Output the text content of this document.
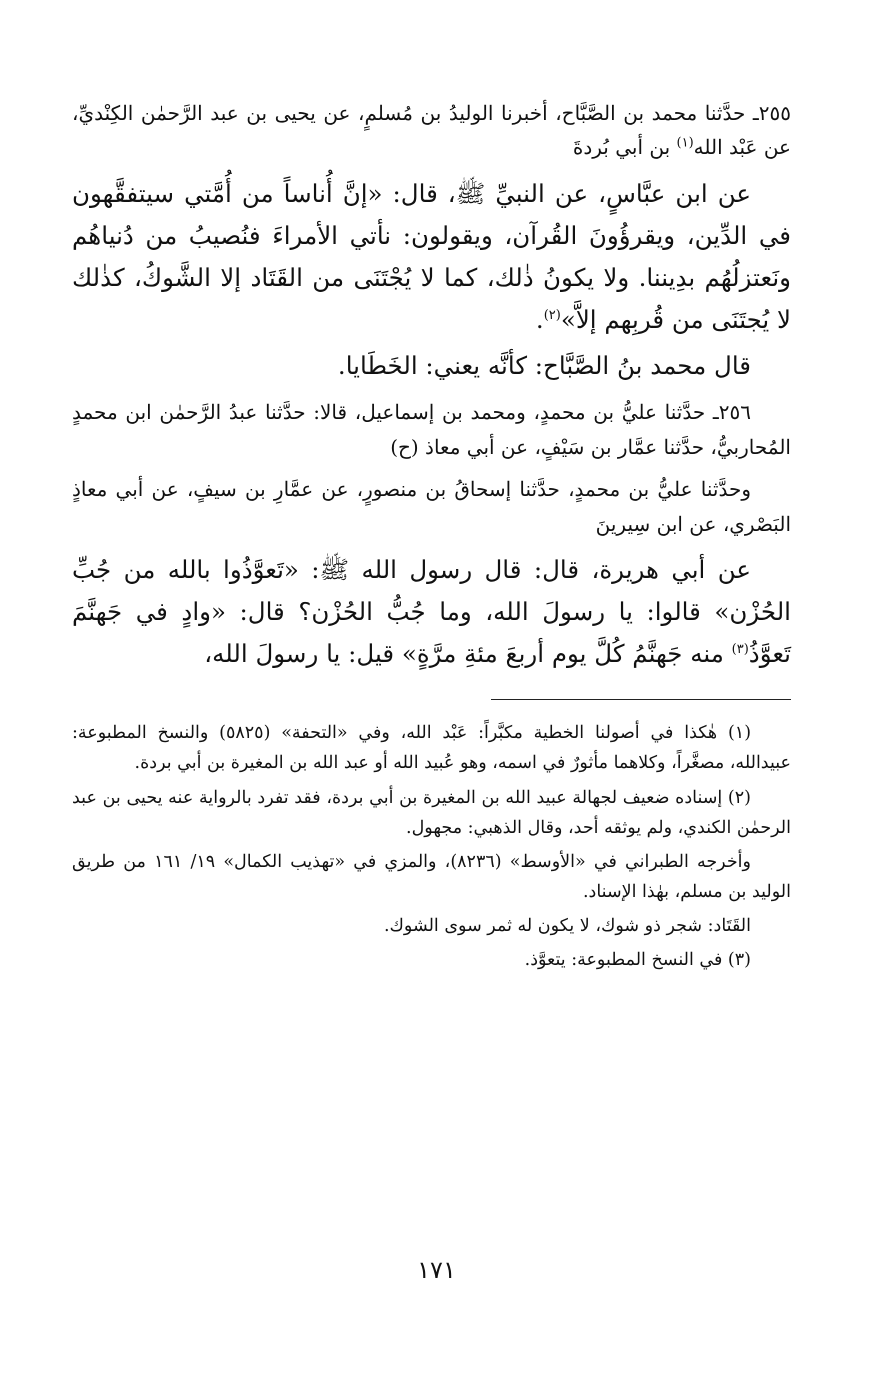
٢٥٥ـ حدَّثنا محمد بن الصَّبَّاح، أخبرنا الوليدُ بن مُسلمٍ، عن يحيى بن عبد الرَّحمٰن الكِنْديِّ، عن عَبْد الله$^{(١)}$ بن أبي بُردةَ

عن ابن عبَّاسٍ، عن النبيِّ ﷺ، قال: «إنَّ أُناساً من أُمَّتي سيتفقَّهون في الدِّين، ويقرؤُونَ القُرآن، ويقولون: نأتي الأمراءَ فنُصيبُ من دُنياهُم ونَعتزلُهُم بدِيننا. ولا يكونُ ذٰلك، كما لا يُجْتَنَى من القَتَاد إلا الشَّوكُ، كذٰلك لا يُجتَنَى من قُربِهم إلاَّ»$^{(٢)}$.

قال محمد بنُ الصَّبَّاح: كأنَّه يعني: الخَطَايا.

٢٥٦ـ حدَّثنا عليُّ بن محمدٍ، ومحمد بن إسماعيل، قالا: حدَّثنا عبدُ الرَّحمٰن ابن محمدٍ المُحاربيُّ، حدَّثنا عمَّار بن سَيْفٍ، عن أبي معاذ (ح)

وحدَّثنا عليُّ بن محمدٍ، حدَّثنا إسحاقُ بن منصورٍ، عن عمَّارِ بن سيفٍ، عن أبي معاذٍ البَصْري، عن ابن سِيرينَ

عن أبي هريرة، قال: قال رسول الله ﷺ: «تَعوَّذُوا بالله من جُبِّ الحُزْن» قالوا: يا رسولَ الله، وما جُبُّ الحُزْن؟ قال: «وادٍ في جَهنَّمَ تَعوَّذُ$^{(٣)}$ منه جَهنَّمُ كُلَّ يوم أربعَ مئةِ مرَّةٍ» قيل: يا رسولَ الله،

(١) هٰكذا في أصولنا الخطية مكبَّراً: عَبْد الله، وفي «التحفة» (٥٨٢٥) والنسخ المطبوعة: عبيدالله، مصغَّراً، وكلاهما مأثورٌ في اسمه، وهو عُبيد الله أو عبد الله بن المغيرة بن أبي بردة.

(٢) إسناده ضعيف لجهالة عبيد الله بن المغيرة بن أبي بردة، فقد تفرد بالرواية عنه يحيى بن عبد الرحمٰن الكندي، ولم يوثقه أحد، وقال الذهبي: مجهول.

وأخرجه الطبراني في «الأوسط» (٨٢٣٦)، والمزي في «تهذيب الكمال» ١٩/ ١٦١ من طريق الوليد بن مسلم، بهٰذا الإسناد.

القَتَاد: شجر ذو شوك، لا يكون له ثمر سوى الشوك.

(٣) في النسخ المطبوعة: يتعوَّذ.

١٧١
